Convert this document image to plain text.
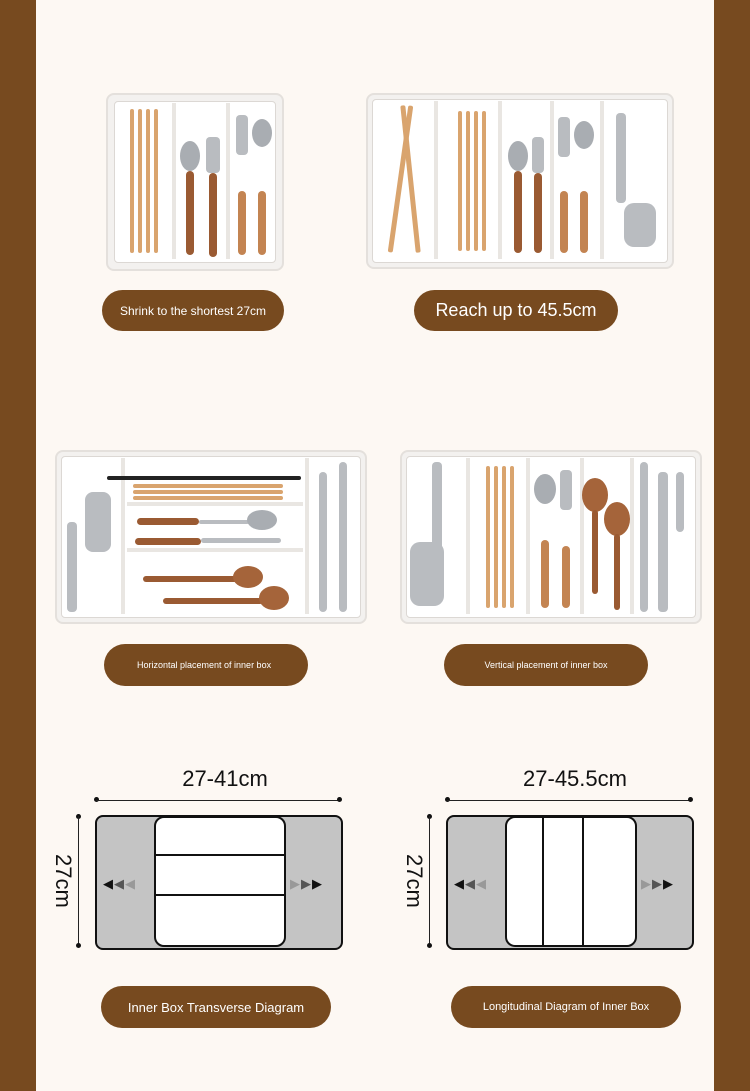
Shrink to the shortest 27cm	Reach up to 45.5cm
Horizontal placement of inner box	Vertical placement of inner box
27-41cm
27cm ◀◀◀	▶▶▶
27-45.5cm
27cm ◀◀◀	▶▶▶
Inner Box Transverse Diagram	Longitudinal Diagram of Inner Box
